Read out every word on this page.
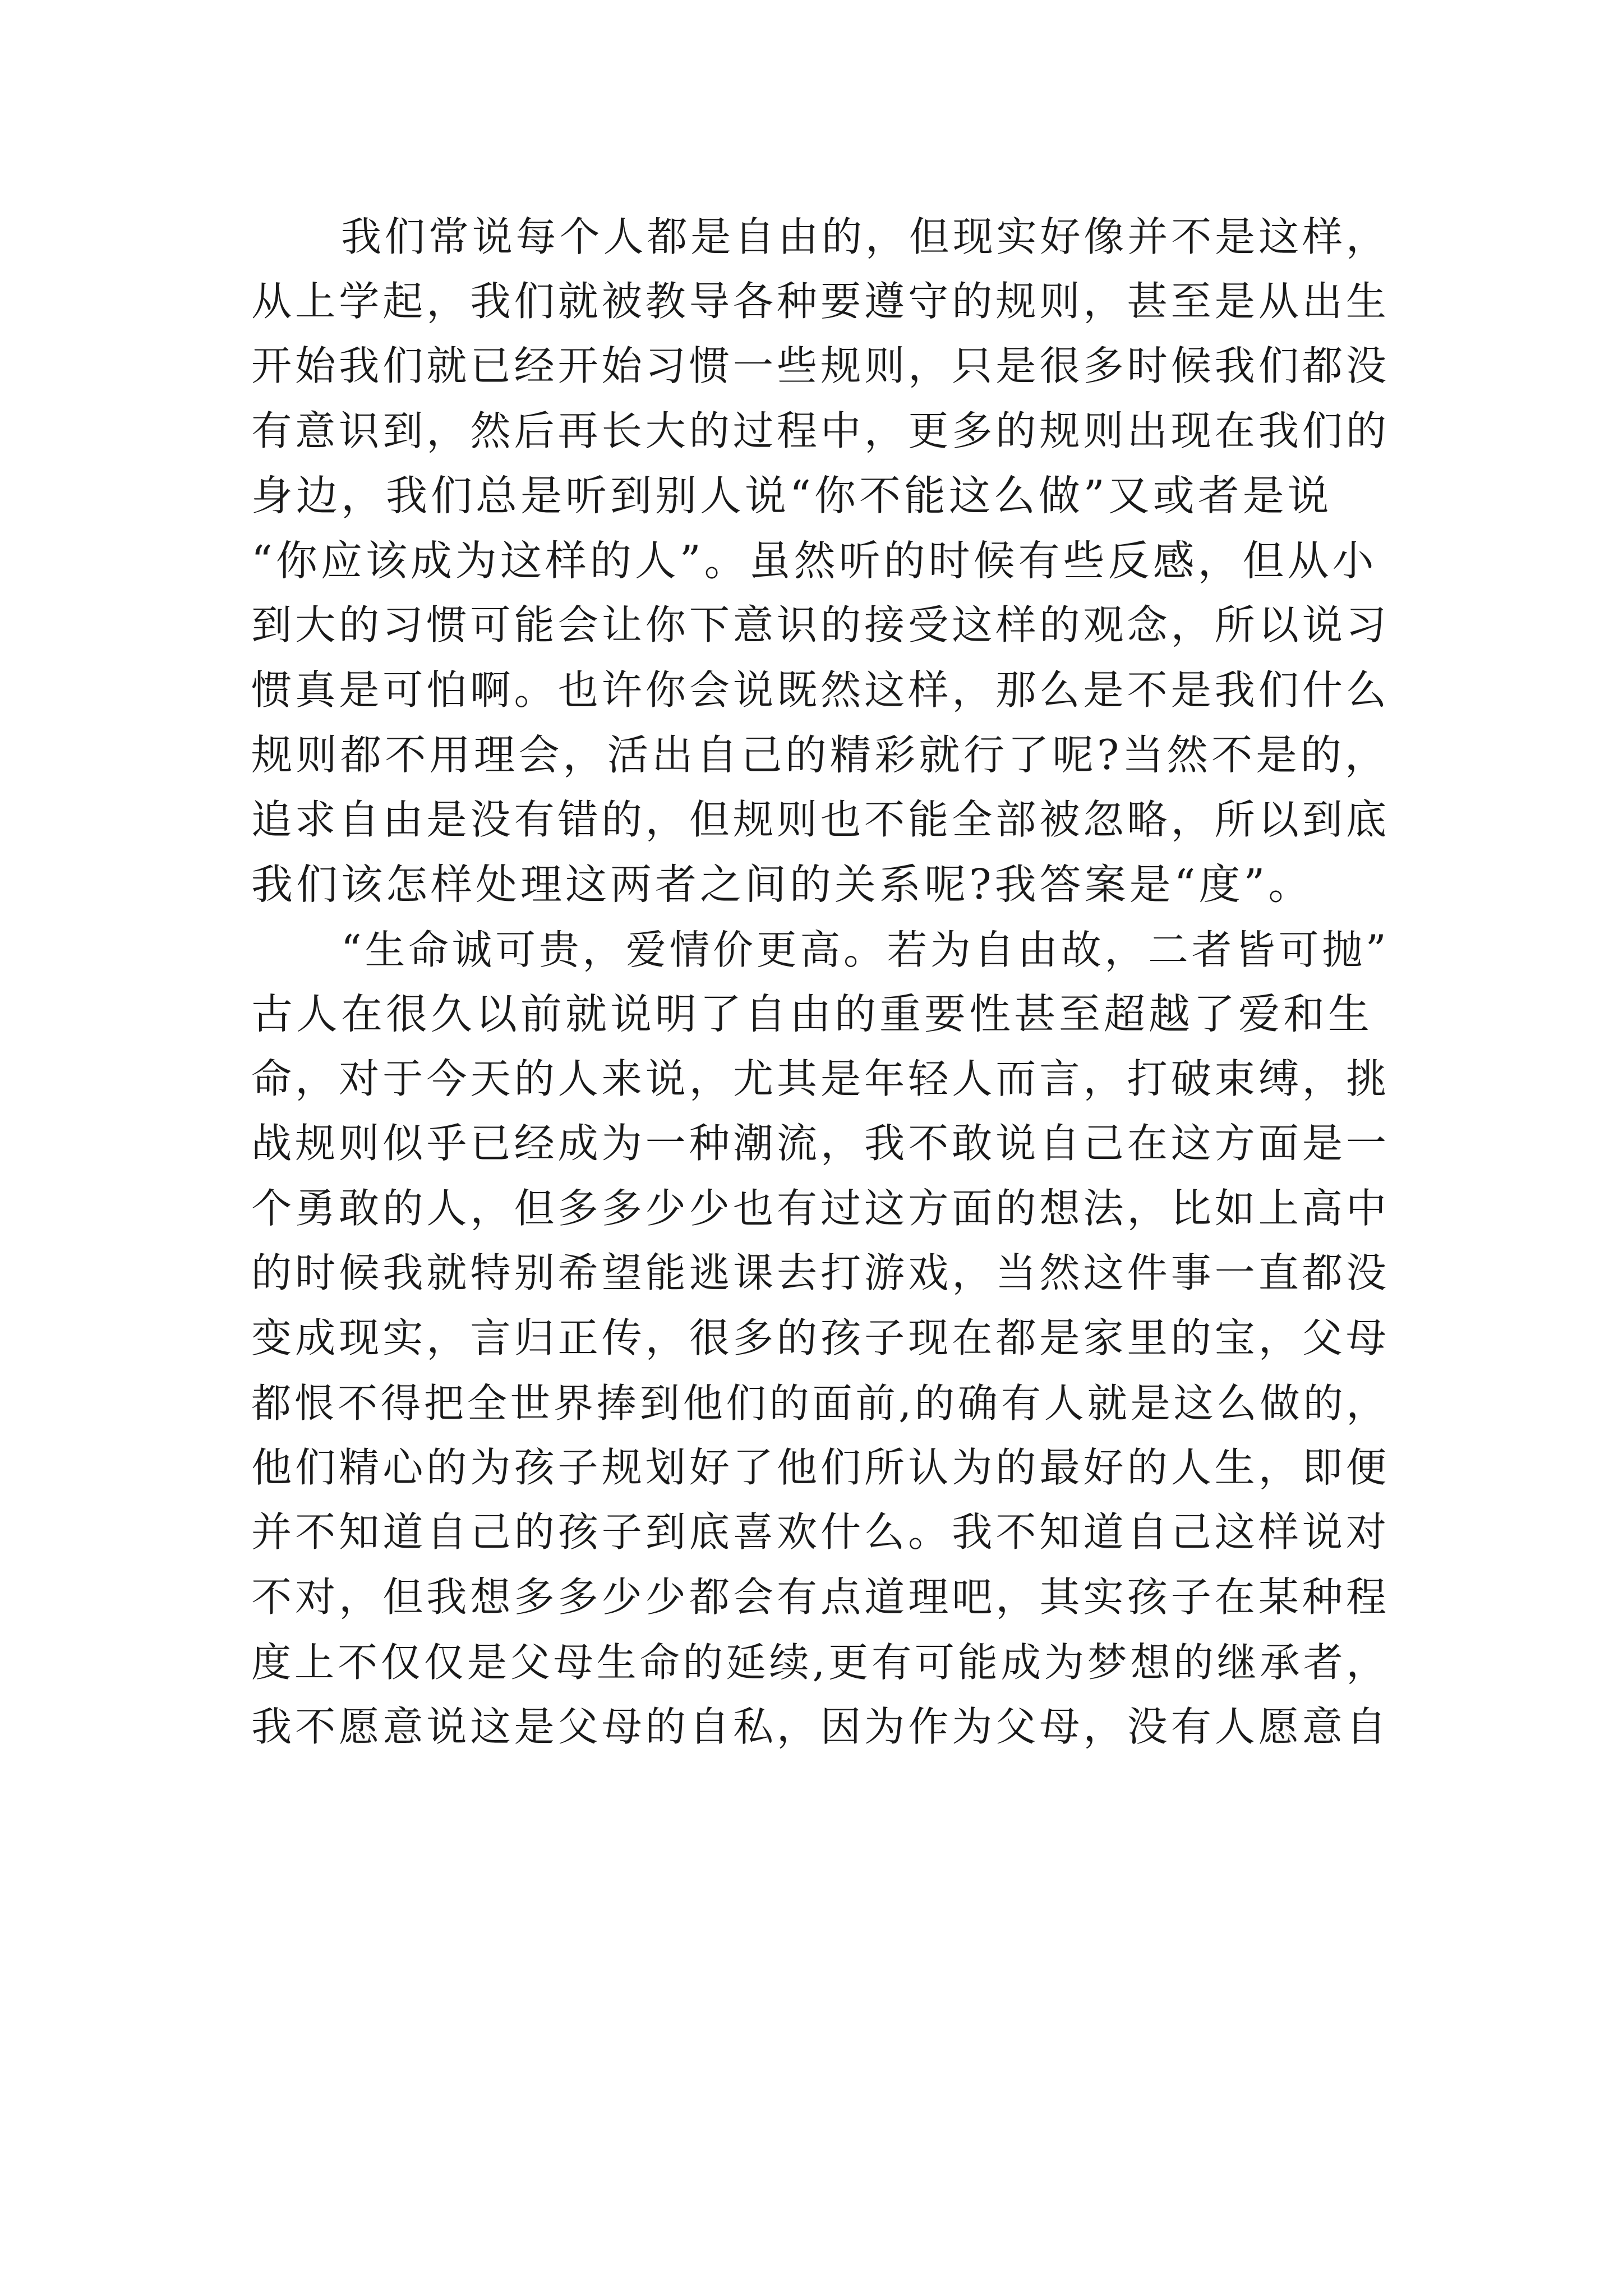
我们常说每个人都是自由的，但现实好像并不是这样，
从上学起，我们就被教导各种要遵守的规则，甚至是从出生
开始我们就已经开始习惯一些规则，只是很多时候我们都没
有意识到，然后再长大的过程中，更多的规则出现在我们的
身边，我们总是听到别人说“你不能这么做”又或者是说
“你应该成为这样的人”。虽然听的时候有些反感，但从小
到大的习惯可能会让你下意识的接受这样的观念，所以说习
惯真是可怕啊。也许你会说既然这样，那么是不是我们什么
规则都不用理会，活出自己的精彩就行了呢?当然不是的，
追求自由是没有错的，但规则也不能全部被忽略，所以到底
我们该怎样处理这两者之间的关系呢?我答案是“度”。
“生命诚可贵，爱情价更高。若为自由故，二者皆可抛”
古人在很久以前就说明了自由的重要性甚至超越了爱和生
命，对于今天的人来说，尤其是年轻人而言，打破束缚，挑
战规则似乎已经成为一种潮流，我不敢说自己在这方面是一
个勇敢的人，但多多少少也有过这方面的想法，比如上高中
的时候我就特别希望能逃课去打游戏，当然这件事一直都没
变成现实，言归正传，很多的孩子现在都是家里的宝，父母
都恨不得把全世界捧到他们的面前,的确有人就是这么做的，
他们精心的为孩子规划好了他们所认为的最好的人生，即便
并不知道自己的孩子到底喜欢什么。我不知道自己这样说对
不对，但我想多多少少都会有点道理吧，其实孩子在某种程
度上不仅仅是父母生命的延续,更有可能成为梦想的继承者，
我不愿意说这是父母的自私，因为作为父母，没有人愿意自
